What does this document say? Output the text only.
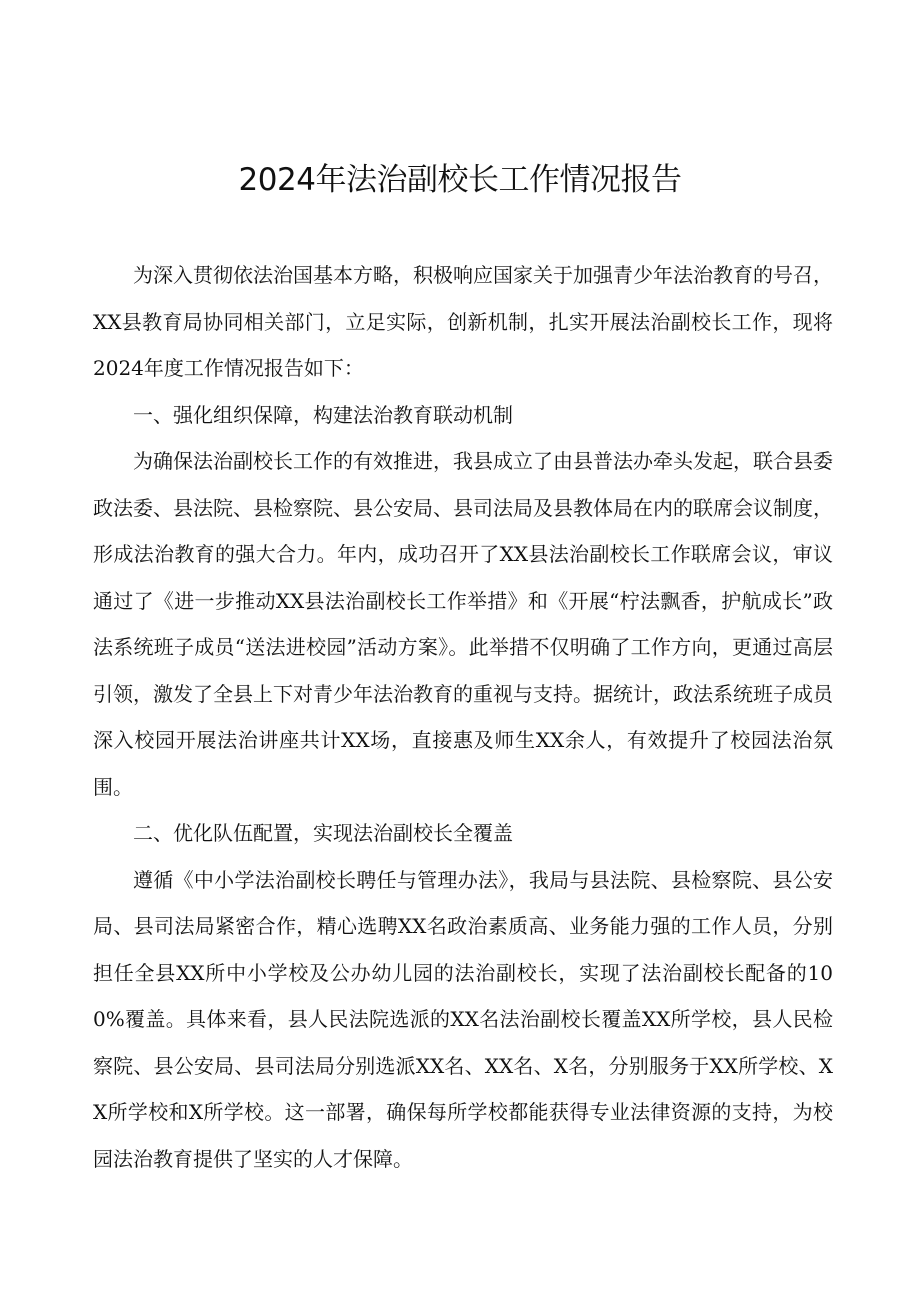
2024年法治副校长工作情况报告

为深入贯彻依法治国基本方略，积极响应国家关于加强青少年法治教育的号召，XX县教育局协同相关部门，立足实际，创新机制，扎实开展法治副校长工作，现将2024年度工作情况报告如下：

一、强化组织保障，构建法治教育联动机制

为确保法治副校长工作的有效推进，我县成立了由县普法办牵头发起，联合县委政法委、县法院、县检察院、县公安局、县司法局及县教体局在内的联席会议制度，形成法治教育的强大合力。年内，成功召开了XX县法治副校长工作联席会议，审议通过了《进一步推动XX县法治副校长工作举措》和《开展“柠法飘香，护航成长”政法系统班子成员“送法进校园”活动方案》。此举措不仅明确了工作方向，更通过高层引领，激发了全县上下对青少年法治教育的重视与支持。据统计，政法系统班子成员深入校园开展法治讲座共计XX场，直接惠及师生XX余人，有效提升了校园法治氛围。

二、优化队伍配置，实现法治副校长全覆盖

遵循《中小学法治副校长聘任与管理办法》，我局与县法院、县检察院、县公安局、县司法局紧密合作，精心选聘XX名政治素质高、业务能力强的工作人员，分别担任全县XX所中小学校及公办幼儿园的法治副校长，实现了法治副校长配备的100%覆盖。具体来看，县人民法院选派的XX名法治副校长覆盖XX所学校，县人民检察院、县公安局、县司法局分别选派XX名、XX名、X名，分别服务于XX所学校、XX所学校和X所学校。这一部署，确保每所学校都能获得专业法律资源的支持，为校园法治教育提供了坚实的人才保障。
